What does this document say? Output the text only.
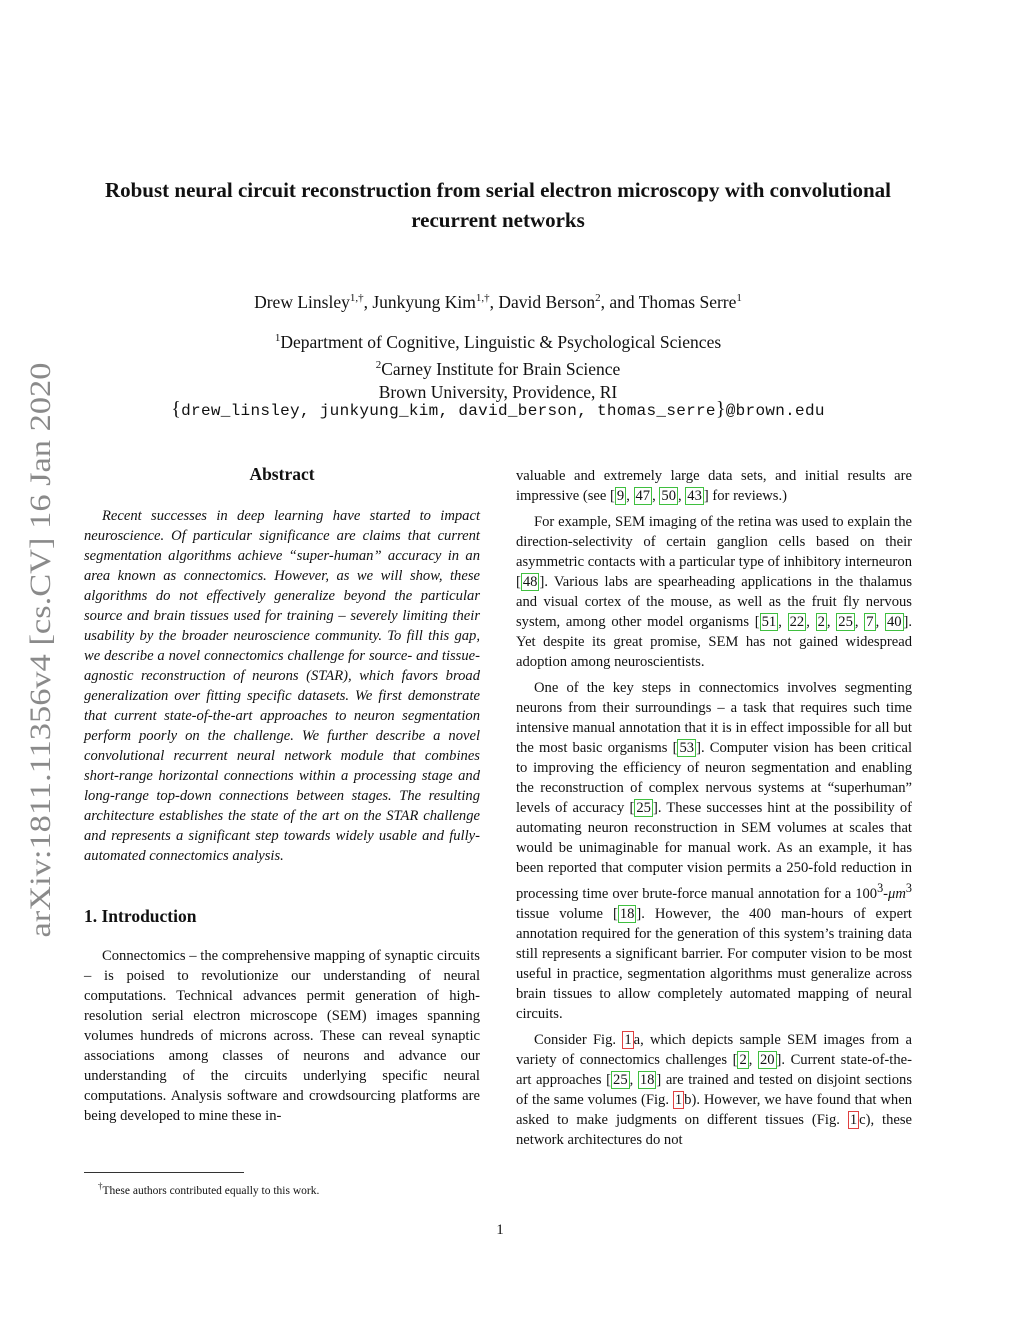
arXiv:1811.11356v4 [cs.CV] 16 Jan 2020
Robust neural circuit reconstruction from serial electron microscopy with convolutional recurrent networks
Drew Linsley$^{1,\dagger}$, Junkyung Kim$^{1,\dagger}$, David Berson$^2$, and Thomas Serre$^1$
$^1$Department of Cognitive, Linguistic & Psychological Sciences
$^2$Carney Institute for Brain Science
Brown University, Providence, RI
{drew_linsley, junkyung_kim, david_berson, thomas_serre}@brown.edu
Abstract

Recent successes in deep learning have started to impact neuroscience. Of particular significance are claims that current segmentation algorithms achieve “super-human” accuracy in an area known as connectomics. However, as we will show, these algorithms do not effectively generalize beyond the particular source and brain tissues used for training – severely limiting their usability by the broader neuroscience community. To fill this gap, we describe a novel connectomics challenge for source- and tissue-agnostic reconstruction of neurons (STAR), which favors broad generalization over fitting specific datasets. We first demonstrate that current state-of-the-art approaches to neuron segmentation perform poorly on the challenge. We further describe a novel convolutional recurrent neural network module that combines short-range horizontal connections within a processing stage and long-range top-down connections between stages. The resulting architecture establishes the state of the art on the STAR challenge and represents a significant step towards widely usable and fully-automated connectomics analysis.

1. Introduction

Connectomics – the comprehensive mapping of synaptic circuits – is poised to revolutionize our understanding of neural computations. Technical advances permit generation of high-resolution serial electron microscope (SEM) images spanning volumes hundreds of microns across. These can reveal synaptic associations among classes of neurons and advance our understanding of the circuits underlying specific neural computations. Analysis software and crowdsourcing platforms are being developed to mine these in-

valuable and extremely large data sets, and initial results are impressive (see [ 9 , 47 , 50 , 43 ] for reviews.)

For example, SEM imaging of the retina was used to explain the direction-selectivity of certain ganglion cells based on their asymmetric contacts with a particular type of inhibitory interneuron [ 48 ]. Various labs are spearheading applications in the thalamus and visual cortex of the mouse, as well as the fruit fly nervous system, among other model organisms [ 51 , 22 , 2 , 25 , 7 , 40 ]. Yet despite its great promise, SEM has not gained widespread adoption among neuroscientists.

One of the key steps in connectomics involves segmenting neurons from their surroundings – a task that requires such time intensive manual annotation that it is in effect impossible for all but the most basic organisms [ 53 ]. Computer vision has been critical to improving the efficiency of neuron segmentation and enabling the reconstruction of complex nervous systems at “superhuman” levels of accuracy [ 25 ]. These successes hint at the possibility of automating neuron reconstruction in SEM volumes at scales that would be unimaginable for manual work. As an example, it has been reported that computer vision permits a 250-fold reduction in processing time over brute-force manual annotation for a $100^3-\mu m^3$ tissue volume [ 18 ]. However, the 400 man-hours of expert annotation required for the generation of this system’s training data still represents a significant barrier. For computer vision to be most useful in practice, segmentation algorithms must generalize across brain tissues to allow completely automated mapping of neural circuits.

Consider Fig. 1 a, which depicts sample SEM images from a variety of connectomics challenges [ 2 , 20 ]. Current state-of-the-art approaches [ 25 , 18 ] are trained and tested on disjoint sections of the same volumes (Fig. 1 b). However, we have found that when asked to make judgments on different tissues (Fig. 1 c), these network architectures do not

†These authors contributed equally to this work.
1
